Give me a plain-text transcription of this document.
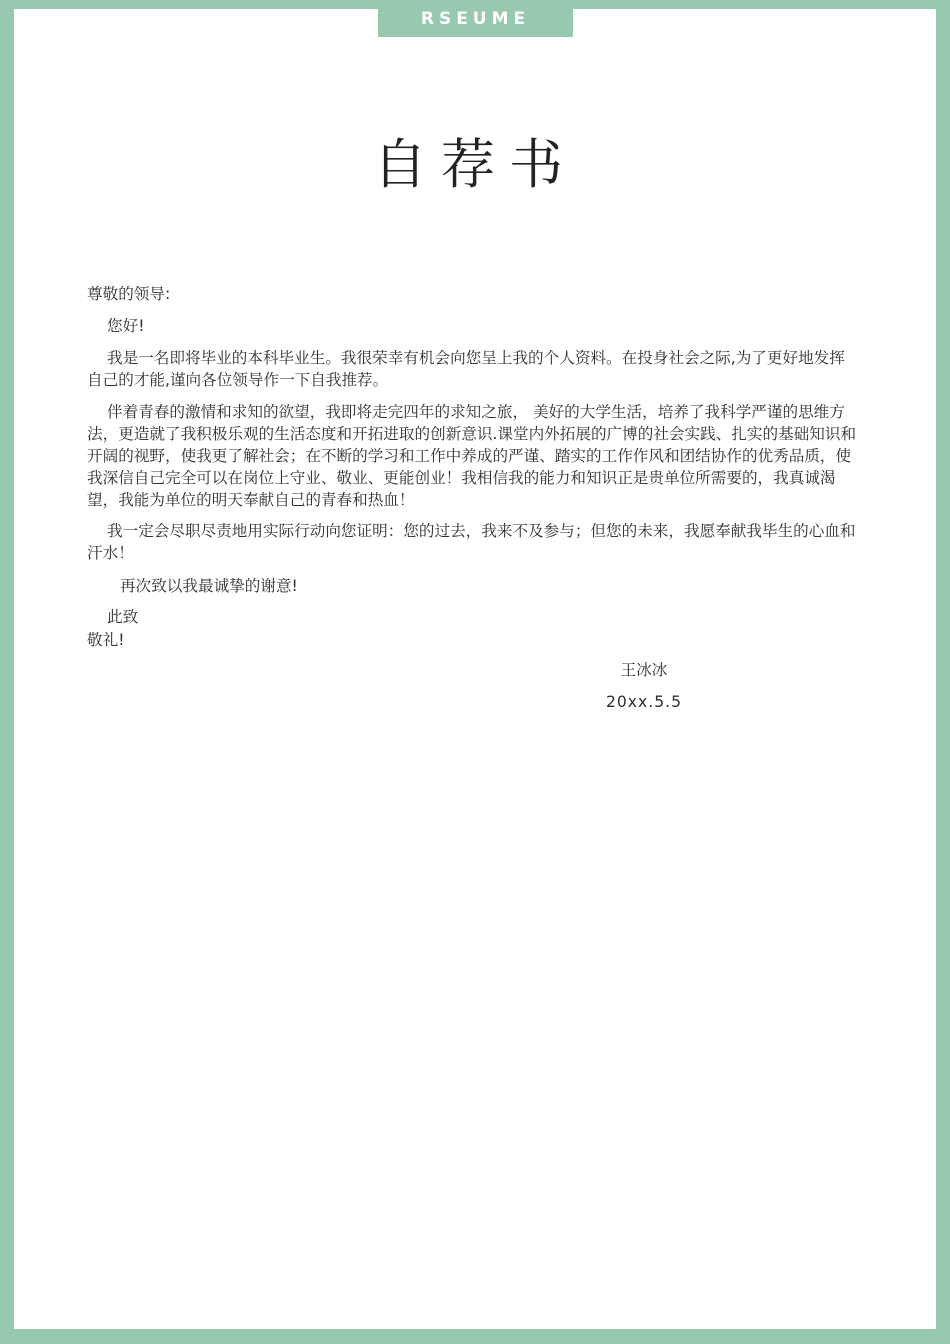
RSEUME
自荐书
尊敬的领导:
您好!
我是一名即将毕业的本科毕业生。我很荣幸有机会向您呈上我的个人资料。在投身社会之际,为了更好地发挥自己的才能,谨向各位领导作一下自我推荐。
伴着青春的激情和求知的欲望，我即将走完四年的求知之旅， 美好的大学生活，培养了我科学严谨的思维方法，更造就了我积极乐观的生活态度和开拓进取的创新意识.课堂内外拓展的广博的社会实践、扎实的基础知识和开阔的视野，使我更了解社会；在不断的学习和工作中养成的严谨、踏实的工作作风和团结协作的优秀品质，使我深信自己完全可以在岗位上守业、敬业、更能创业！我相信我的能力和知识正是贵单位所需要的，我真诚渴望，我能为单位的明天奉献自己的青春和热血！
我一定会尽职尽责地用实际行动向您证明：您的过去，我来不及参与；但您的未来，我愿奉献我毕生的心血和汗水！
再次致以我最诚挚的谢意!
此致
敬礼!
王冰冰
20xx.5.5
